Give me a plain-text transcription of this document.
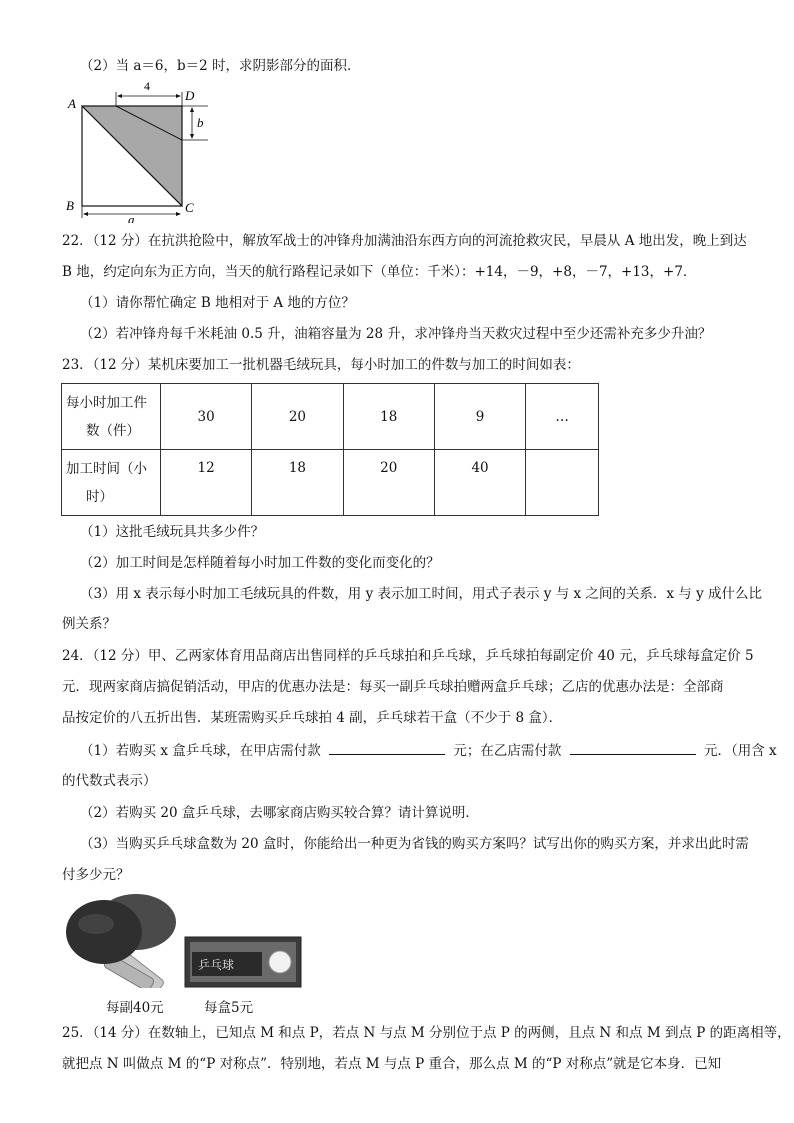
（2）当 a＝6，b＝2 时，求阴影部分的面积．
A
D
B	C
4
b
a
22．（12 分）在抗洪抢险中，解放军战士的冲锋舟加满油沿东西方向的河流抢救灾民，早晨从 A 地出发，晚上到达
B 地，约定向东为正方向，当天的航行路程记录如下（单位：千米）：+14，－9，+8，－7，+13，+7．
（1）请你帮忙确定 B 地相对于 A 地的方位？
（2）若冲锋舟每千米耗油 0.5 升，油箱容量为 28 升，求冲锋舟当天救灾过程中至少还需补充多少升油？
23．（12 分）某机床要加工一批机器毛绒玩具，每小时加工的件数与加工的时间如表：
每小时加工件
数（件）	30	20	18	9	…

加工时间（小
时）	12	18	20	40	
（1）这批毛绒玩具共多少件？
（2）加工时间是怎样随着每小时加工件数的变化而变化的？
（3）用 x 表示每小时加工毛绒玩具的件数，用 y 表示加工时间，用式子表示 y 与 x 之间的关系．x 与 y 成什么比
例关系？
24．（12 分）甲、乙两家体育用品商店出售同样的乒乓球拍和乒乓球，乒乓球拍每副定价 40 元，乒乓球每盒定价 5
元．现两家商店搞促销活动，甲店的优惠办法是：每买一副乒乓球拍赠两盒乒乓球；乙店的优惠办法是：全部商
品按定价的八五折出售．某班需购买乒乓球拍 4 副，乒乓球若干盒（不少于 8 盒）．
（1）若购买 x 盒乒乓球，在甲店需付款	元；在乙店需付款	元．（用含 x
的代数式表示）
（2）若购买 20 盒乒乓球，去哪家商店购买较合算？请计算说明．
（3）当购买乒乓球盒数为 20 盒时，你能给出一种更为省钱的购买方案吗？试写出你的购买方案，并求出此时需
付多少元？
乒乓球
每副40元	每盒5元
25．（14 分）在数轴上，已知点 M 和点 P，若点 N 与点 M 分别位于点 P 的两侧，且点 N 和点 M 到点 P 的距离相等，
就把点 N 叫做点 M 的“P 对称点”．特别地，若点 M 与点 P 重合，那么点 M 的“P 对称点”就是它本身．已知
